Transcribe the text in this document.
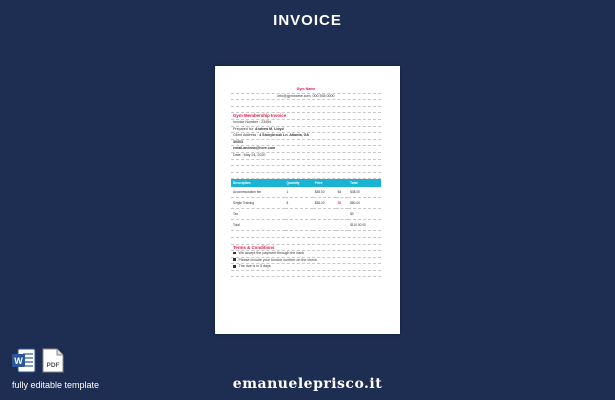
INVOICE
Gym Name
info@gymname.com, 000 555 0000
Gym Membership Invoice
Invoice Number : 23454
Prepared for: Andrew M. Lloyd
Client Address : 4 Stonybrook Ln. Atlanta, GA
30303
email.andrew@here.com
Date : May 24, 2020
Description	Quantity	Price		Total
Accommodation fee	1	$38.00	$4	$38.00
Single Training	8	$38.00	$8	$80.00
Tax				$0
Total				$110.00.00
Terms & Conditions
We accept the payment through the bank
Please include your Invoice number on the check
The due is in 5 days
W	PDF
fully editable template	emanueleprisco.it
